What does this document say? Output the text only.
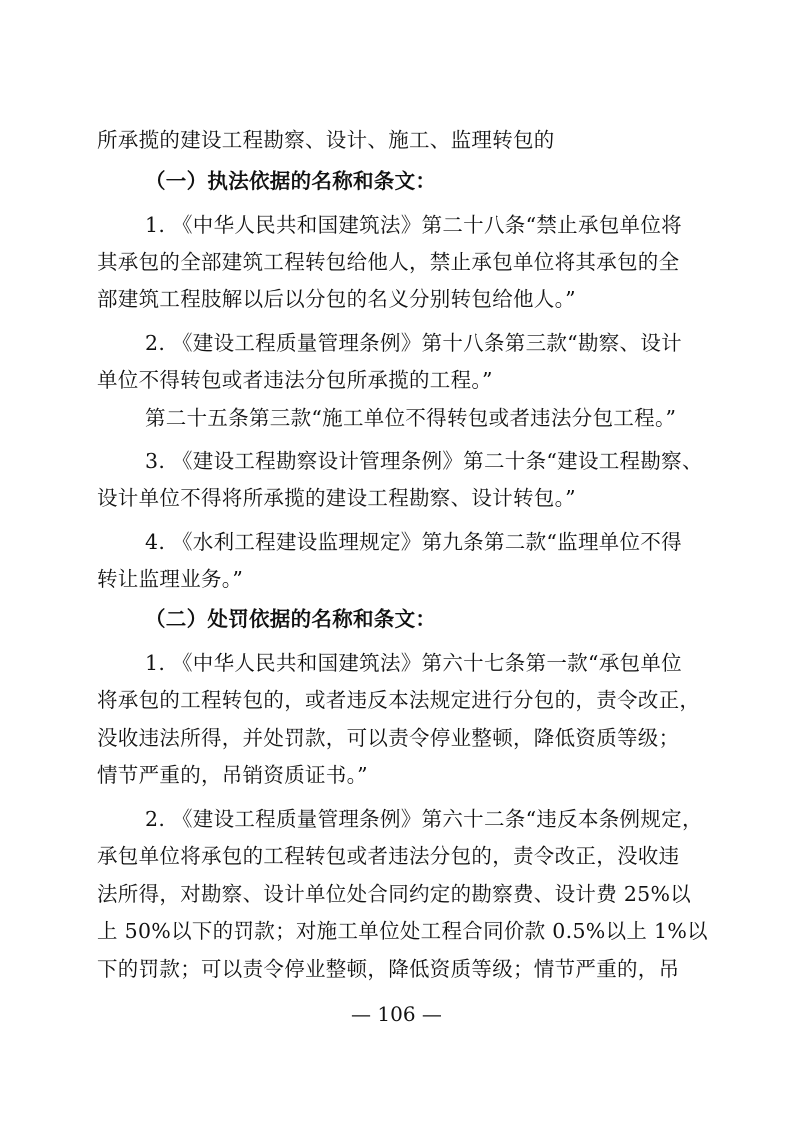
所承揽的建设工程勘察、设计、施工、监理转包的
（一）执法依据的名称和条文：
1. 《中华人民共和国建筑法》第二十八条“禁止承包单位将
其承包的全部建筑工程转包给他人，禁止承包单位将其承包的全
部建筑工程肢解以后以分包的名义分别转包给他人。”
2. 《建设工程质量管理条例》第十八条第三款“勘察、设计
单位不得转包或者违法分包所承揽的工程。”
第二十五条第三款“施工单位不得转包或者违法分包工程。”
3. 《建设工程勘察设计管理条例》第二十条“建设工程勘察、
设计单位不得将所承揽的建设工程勘察、设计转包。”
4. 《水利工程建设监理规定》第九条第二款“监理单位不得
转让监理业务。”
（二）处罚依据的名称和条文：
1. 《中华人民共和国建筑法》第六十七条第一款“承包单位
将承包的工程转包的，或者违反本法规定进行分包的，责令改正，
没收违法所得，并处罚款，可以责令停业整顿，降低资质等级；
情节严重的，吊销资质证书。”
2. 《建设工程质量管理条例》第六十二条“违反本条例规定，
承包单位将承包的工程转包或者违法分包的，责令改正，没收违
法所得，对勘察、设计单位处合同约定的勘察费、设计费 25%以
上 50%以下的罚款；对施工单位处工程合同价款 0.5%以上 1%以
下的罚款；可以责令停业整顿，降低资质等级；情节严重的，吊
— 106 —
